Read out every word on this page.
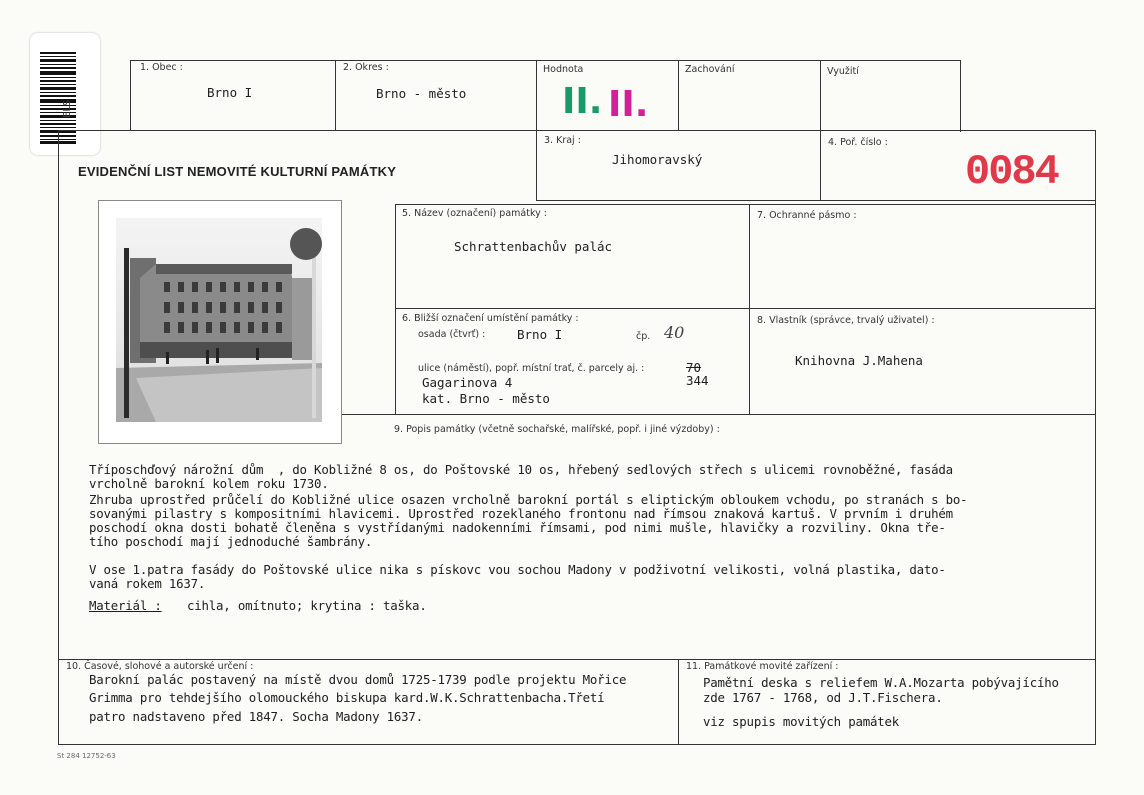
ELS
1. Obec :
Brno I
2. Okres :
Brno - město
Hodnota
II. II.
Zachování	Využití
EVIDENČNÍ LIST NEMOVITÉ KULTURNÍ PAMÁTKY
3. Kraj :
Jihomoravský
4. Poř. číslo :
0084
5. Název (označení) památky :
Schrattenbachův palác
7. Ochranné pásmo :
6. Bližší označení umístění památky :
osada (čtvrť) :	Brno I	čp. 40
ulice (náměstí), popř. místní trať, č. parcely aj. :	70
344
Gagarinova 4
kat. Brno - město
8. Vlastník (správce, trvalý uživatel) :
Knihovna J.Mahena
9. Popis památky (včetně sochařské, malířské, popř. i jiné výzdoby) :
Tříposchďový nárožní dům  , do Kobližné 8 os, do Poštovské 10 os, hřebený sedlových střech s ulicemi rovnoběžné, fasáda
vrcholně barokní kolem roku 1730.
Zhruba uprostřed průčelí do Kobližné ulice osazen vrcholně barokní portál s eliptickým obloukem vchodu, po stranách s bo-
sovanými pilastry s kompositními hlavicemi. Uprostřed rozeklaného frontonu nad římsou znaková kartuš. V prvním i druhém
poschodí okna dosti bohatě členěna s vystřídanými nadokenními římsami, pod nimi mušle, hlavičky a rozviliny. Okna tře-
tího poschodí mají jednoduché šambrány.
V ose 1.patra fasády do Poštovské ulice nika s pískovc vou sochou Madony v podživotní velikosti, volná plastika, dato-
vaná rokem 1637.
Materiál : cihla, omítnuto; krytina : taška.
10. Časové, slohové a autorské určení :
Barokní palác postavený na místě dvou domů 1725-1739 podle projektu Mořice
Grimma pro tehdejšího olomouckého biskupa kard.W.K.Schrattenbacha.Třetí
patro nadstaveno před 1847. Socha Madony 1637.
11. Památkové movité zařízení :
Pamětní deska s reliefem W.A.Mozarta pobývajícího
zde 1767 - 1768, od J.T.Fischera.
viz spupis movitých památek
St 284 12752-63
